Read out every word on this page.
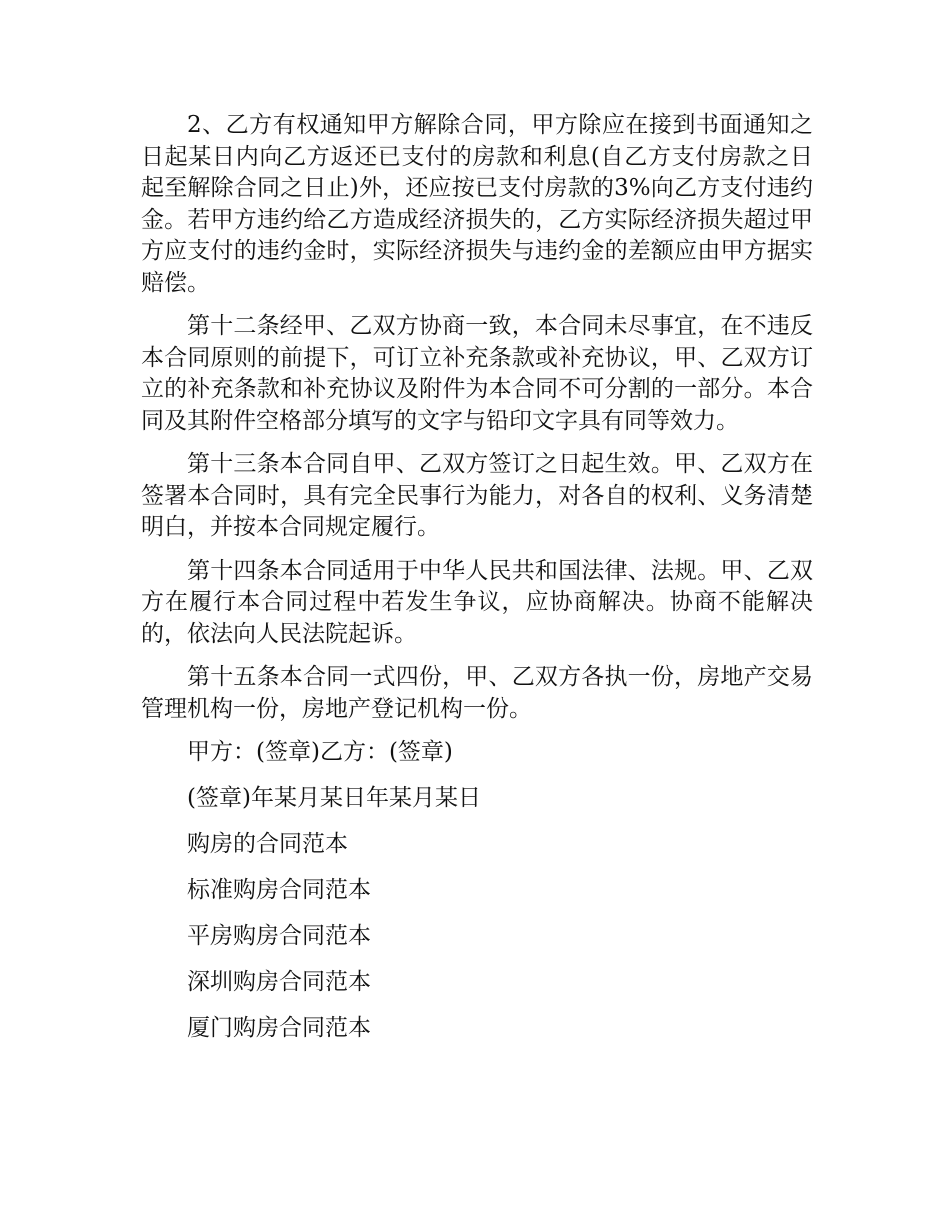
2、乙方有权通知甲方解除合同，甲方除应在接到书面通知之日起某日内向乙方返还已支付的房款和利息(自乙方支付房款之日起至解除合同之日止)外，还应按已支付房款的3%向乙方支付违约金。若甲方违约给乙方造成经济损失的，乙方实际经济损失超过甲方应支付的违约金时，实际经济损失与违约金的差额应由甲方据实赔偿。

第十二条经甲、乙双方协商一致，本合同未尽事宜，在不违反本合同原则的前提下，可订立补充条款或补充协议，甲、乙双方订立的补充条款和补充协议及附件为本合同不可分割的一部分。本合同及其附件空格部分填写的文字与铅印文字具有同等效力。

第十三条本合同自甲、乙双方签订之日起生效。甲、乙双方在签署本合同时，具有完全民事行为能力，对各自的权利、义务清楚明白，并按本合同规定履行。

第十四条本合同适用于中华人民共和国法律、法规。甲、乙双方在履行本合同过程中若发生争议，应协商解决。协商不能解决的，依法向人民法院起诉。

第十五条本合同一式四份，甲、乙双方各执一份，房地产交易管理机构一份，房地产登记机构一份。

甲方：(签章)乙方：(签章)
(签章)年某月某日年某月某日
购房的合同范本
标准购房合同范本
平房购房合同范本
深圳购房合同范本
厦门购房合同范本
